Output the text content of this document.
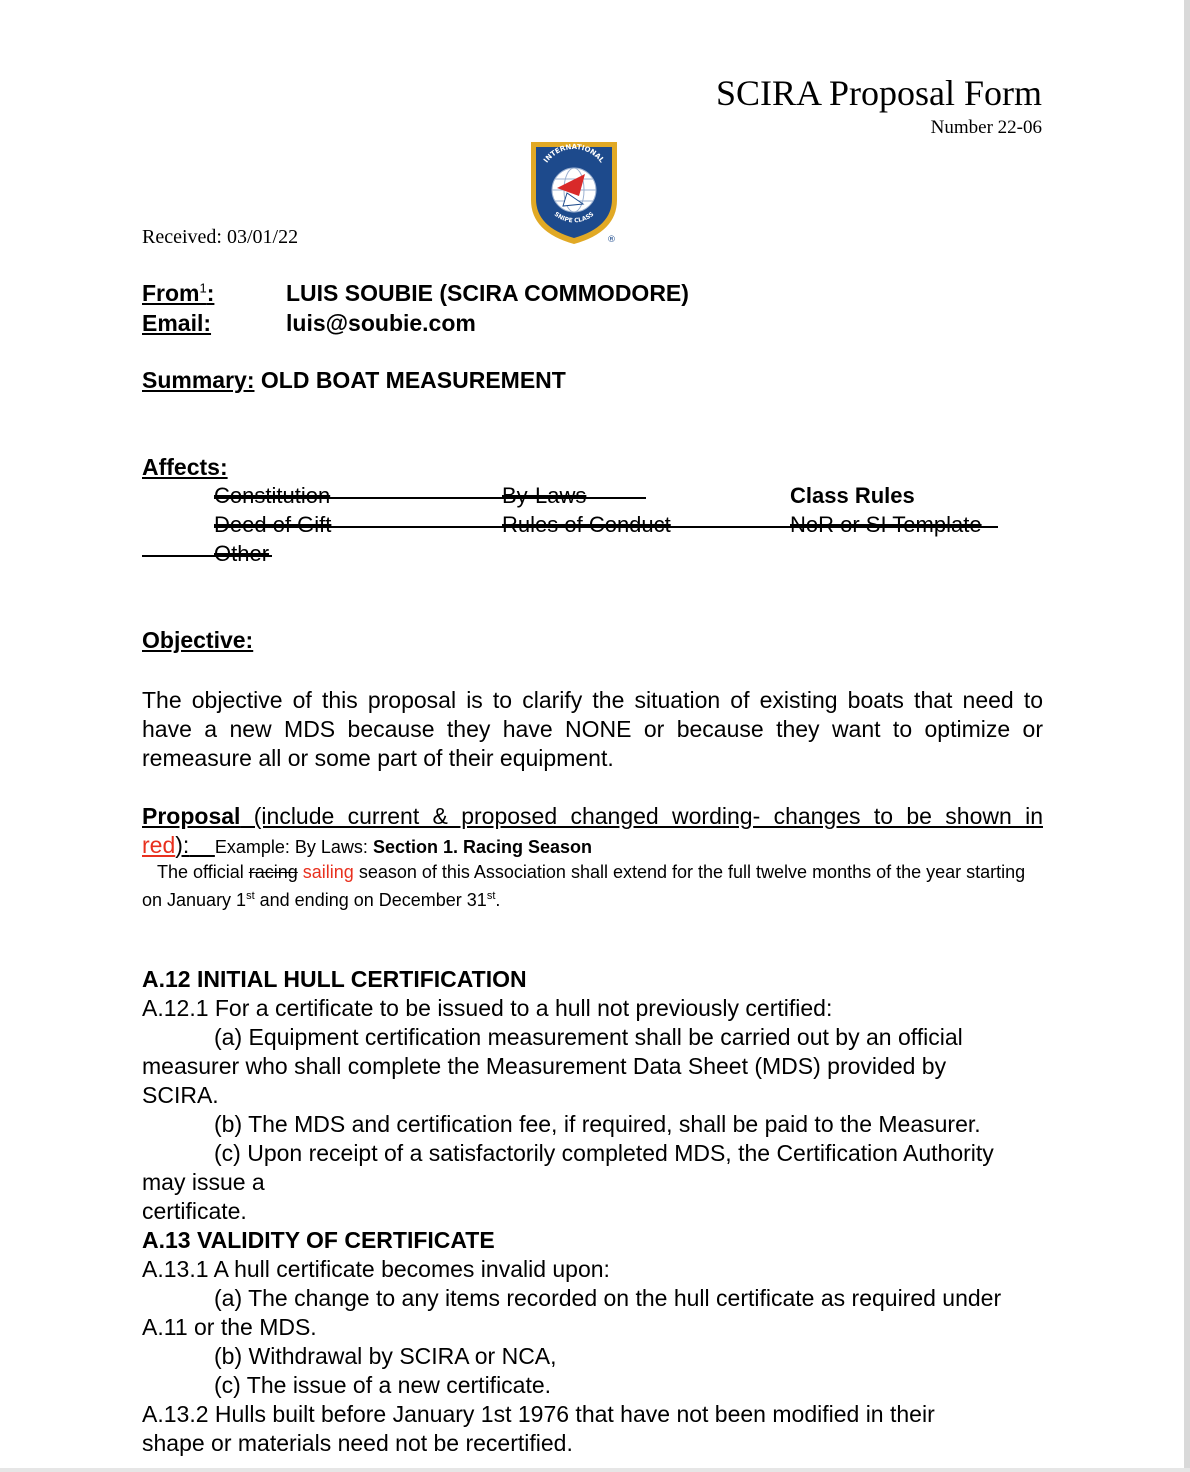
SCIRA Proposal Form
Number 22-06
INTERNATIONAL
SNIPE CLASS
®
Received: 03/01/22
From$^1$:	LUIS SOUBIE (SCIRA COMMODORE)
Email:	luis@soubie.com
Summary: OLD BOAT MEASUREMENT
Affects:
Constitution	By-Laws	Class Rules
Deed of Gift	Rules of Conduct	NoR or SI Template
Other
Objective:
The objective of this proposal is to clarify the situation of existing boats that need to have a new MDS because they have NONE or because they want to optimize or remeasure all or some part of their equipment.
Proposal (include current & proposed changed wording- changes to be shown in red): Example: By Laws: Section 1. Racing Season
The official racing sailing season of this Association shall extend for the full twelve months of the year starting on January 1st and ending on December 31st.
A.12 INITIAL HULL CERTIFICATION
A.12.1 For a certificate to be issued to a hull not previously certified:
(a) Equipment certification measurement shall be carried out by an official
measurer who shall complete the Measurement Data Sheet (MDS) provided by
SCIRA.
(b) The MDS and certification fee, if required, shall be paid to the Measurer.
(c) Upon receipt of a satisfactorily completed MDS, the Certification Authority
may issue a
certificate.
A.13 VALIDITY OF CERTIFICATE
A.13.1 A hull certificate becomes invalid upon:
(a) The change to any items recorded on the hull certificate as required under
A.11 or the MDS.
(b) Withdrawal by SCIRA or NCA,
(c) The issue of a new certificate.
A.13.2 Hulls built before January 1st 1976 that have not been modified in their
shape or materials need not be recertified.
